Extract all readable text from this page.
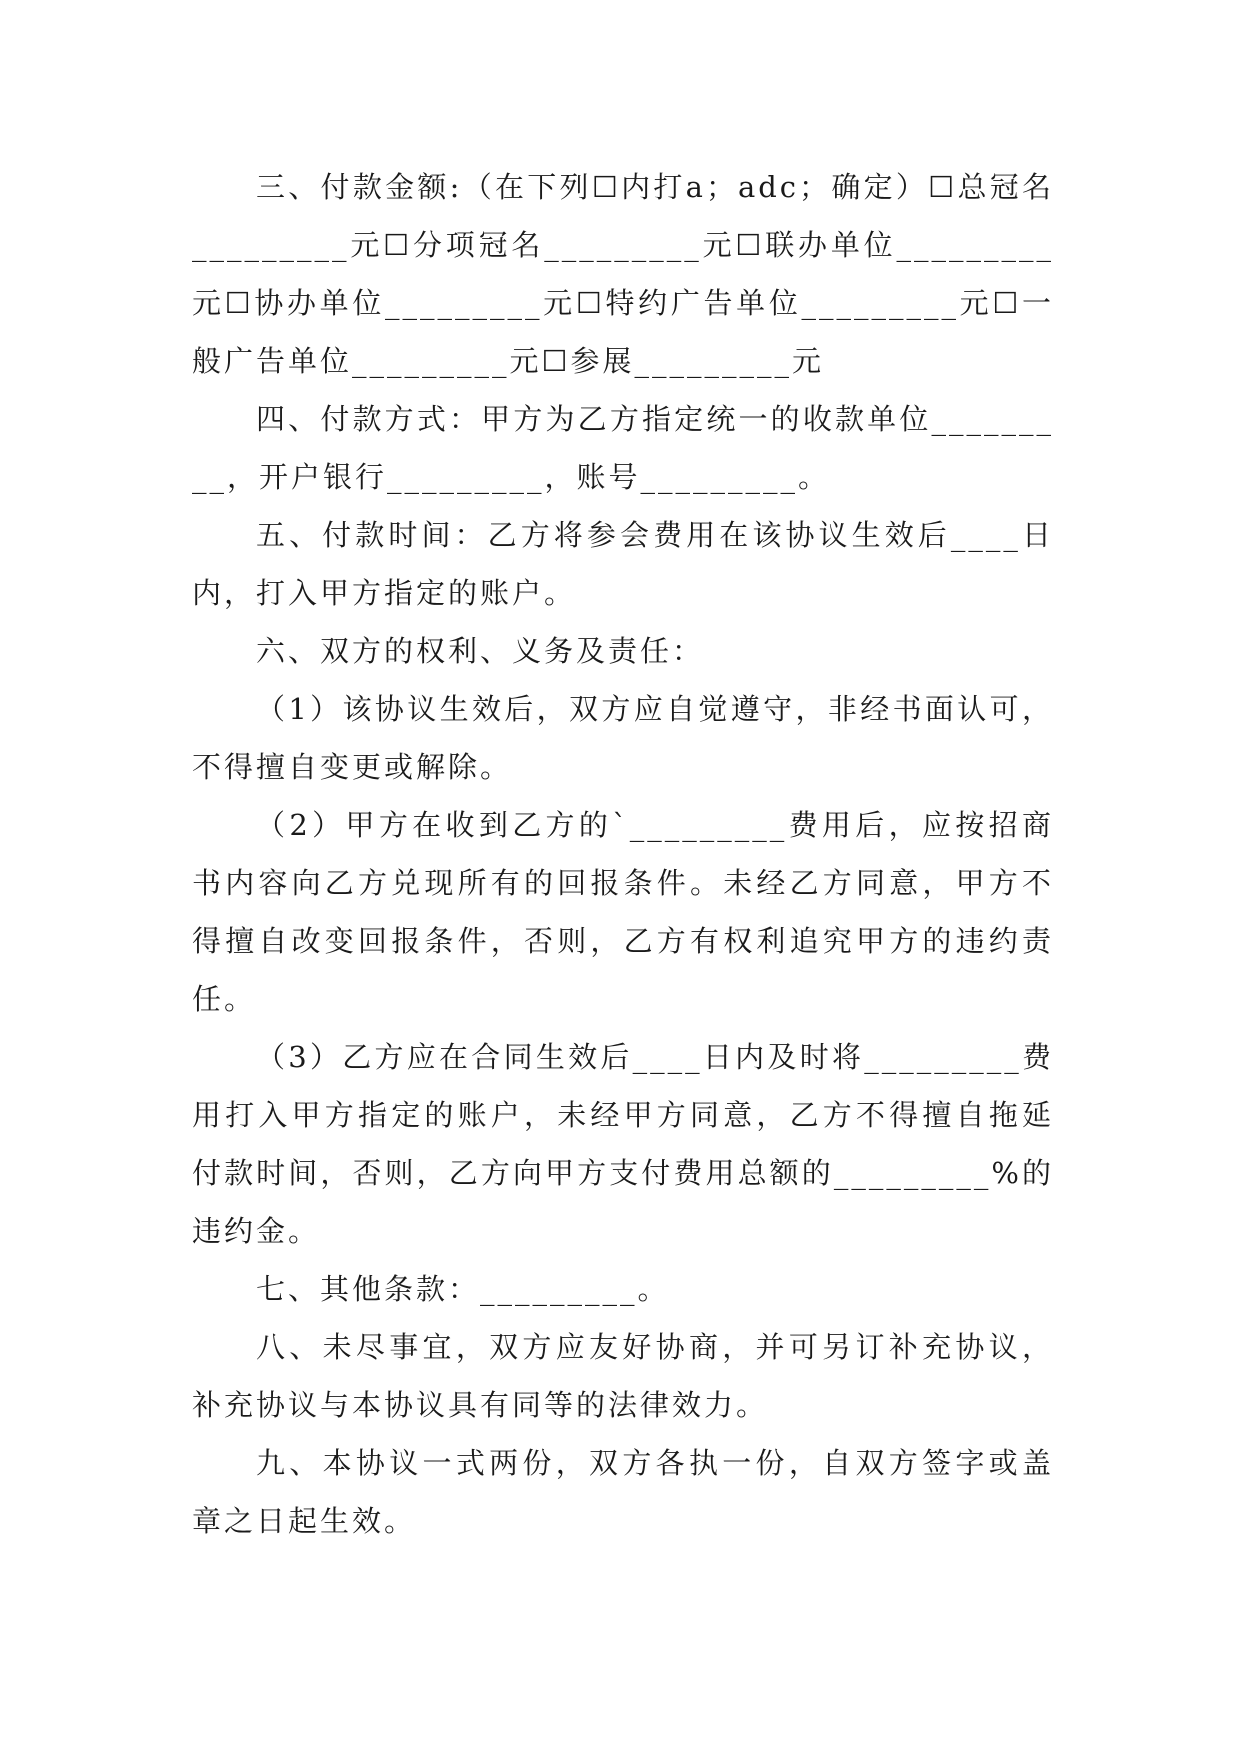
三、付款金额:（在下列☐内打a；adc；确定）☐总冠名_________元☐分项冠名_________元☐联办单位_________元☐协办单位_________元☐特约广告单位_________元☐一般广告单位_________元☐参展_________元

四、付款方式：甲方为乙方指定统一的收款单位_________，开户银行_________，账号_________。

五、付款时间：乙方将参会费用在该协议生效后____日内，打入甲方指定的账户。

六、双方的权利、义务及责任：

（1）该协议生效后，双方应自觉遵守，非经书面认可，不得擅自变更或解除。

（2）甲方在收到乙方的`_________费用后，应按招商书内容向乙方兑现所有的回报条件。未经乙方同意，甲方不得擅自改变回报条件，否则，乙方有权利追究甲方的违约责任。

（3）乙方应在合同生效后____日内及时将_________费用打入甲方指定的账户，未经甲方同意，乙方不得擅自拖延付款时间，否则，乙方向甲方支付费用总额的_________%的违约金。

七、其他条款：_________。

八、未尽事宜，双方应友好协商，并可另订补充协议，补充协议与本协议具有同等的法律效力。

九、本协议一式两份，双方各执一份，自双方签字或盖章之日起生效。
